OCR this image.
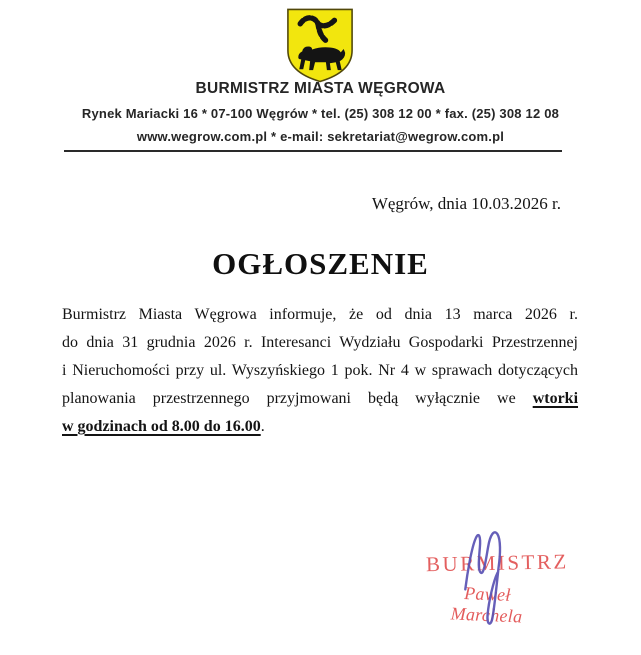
BURMISTRZ MIASTA WĘGROWA
Rynek Mariacki 16 * 07-100 Węgrów * tel. (25) 308 12 00 * fax. (25) 308 12 08
www.wegrow.com.pl * e-mail: sekretariat@wegrow.com.pl
Węgrów, dnia 10.03.2026 r.
OGŁOSZENIE
Burmistrz Miasta Węgrowa informuje, że od dnia 13 marca 2026 r.
do dnia 31 grudnia 2026 r. Interesanci Wydziału Gospodarki Przestrzennej
i Nieruchomości przy ul. Wyszyńskiego 1 pok. Nr 4 w sprawach dotyczących
planowania przestrzennego przyjmowani będą wyłącznie we wtorki
w godzinach od 8.00 do 16.00.
BURMISTRZ
Paweł Marchela
